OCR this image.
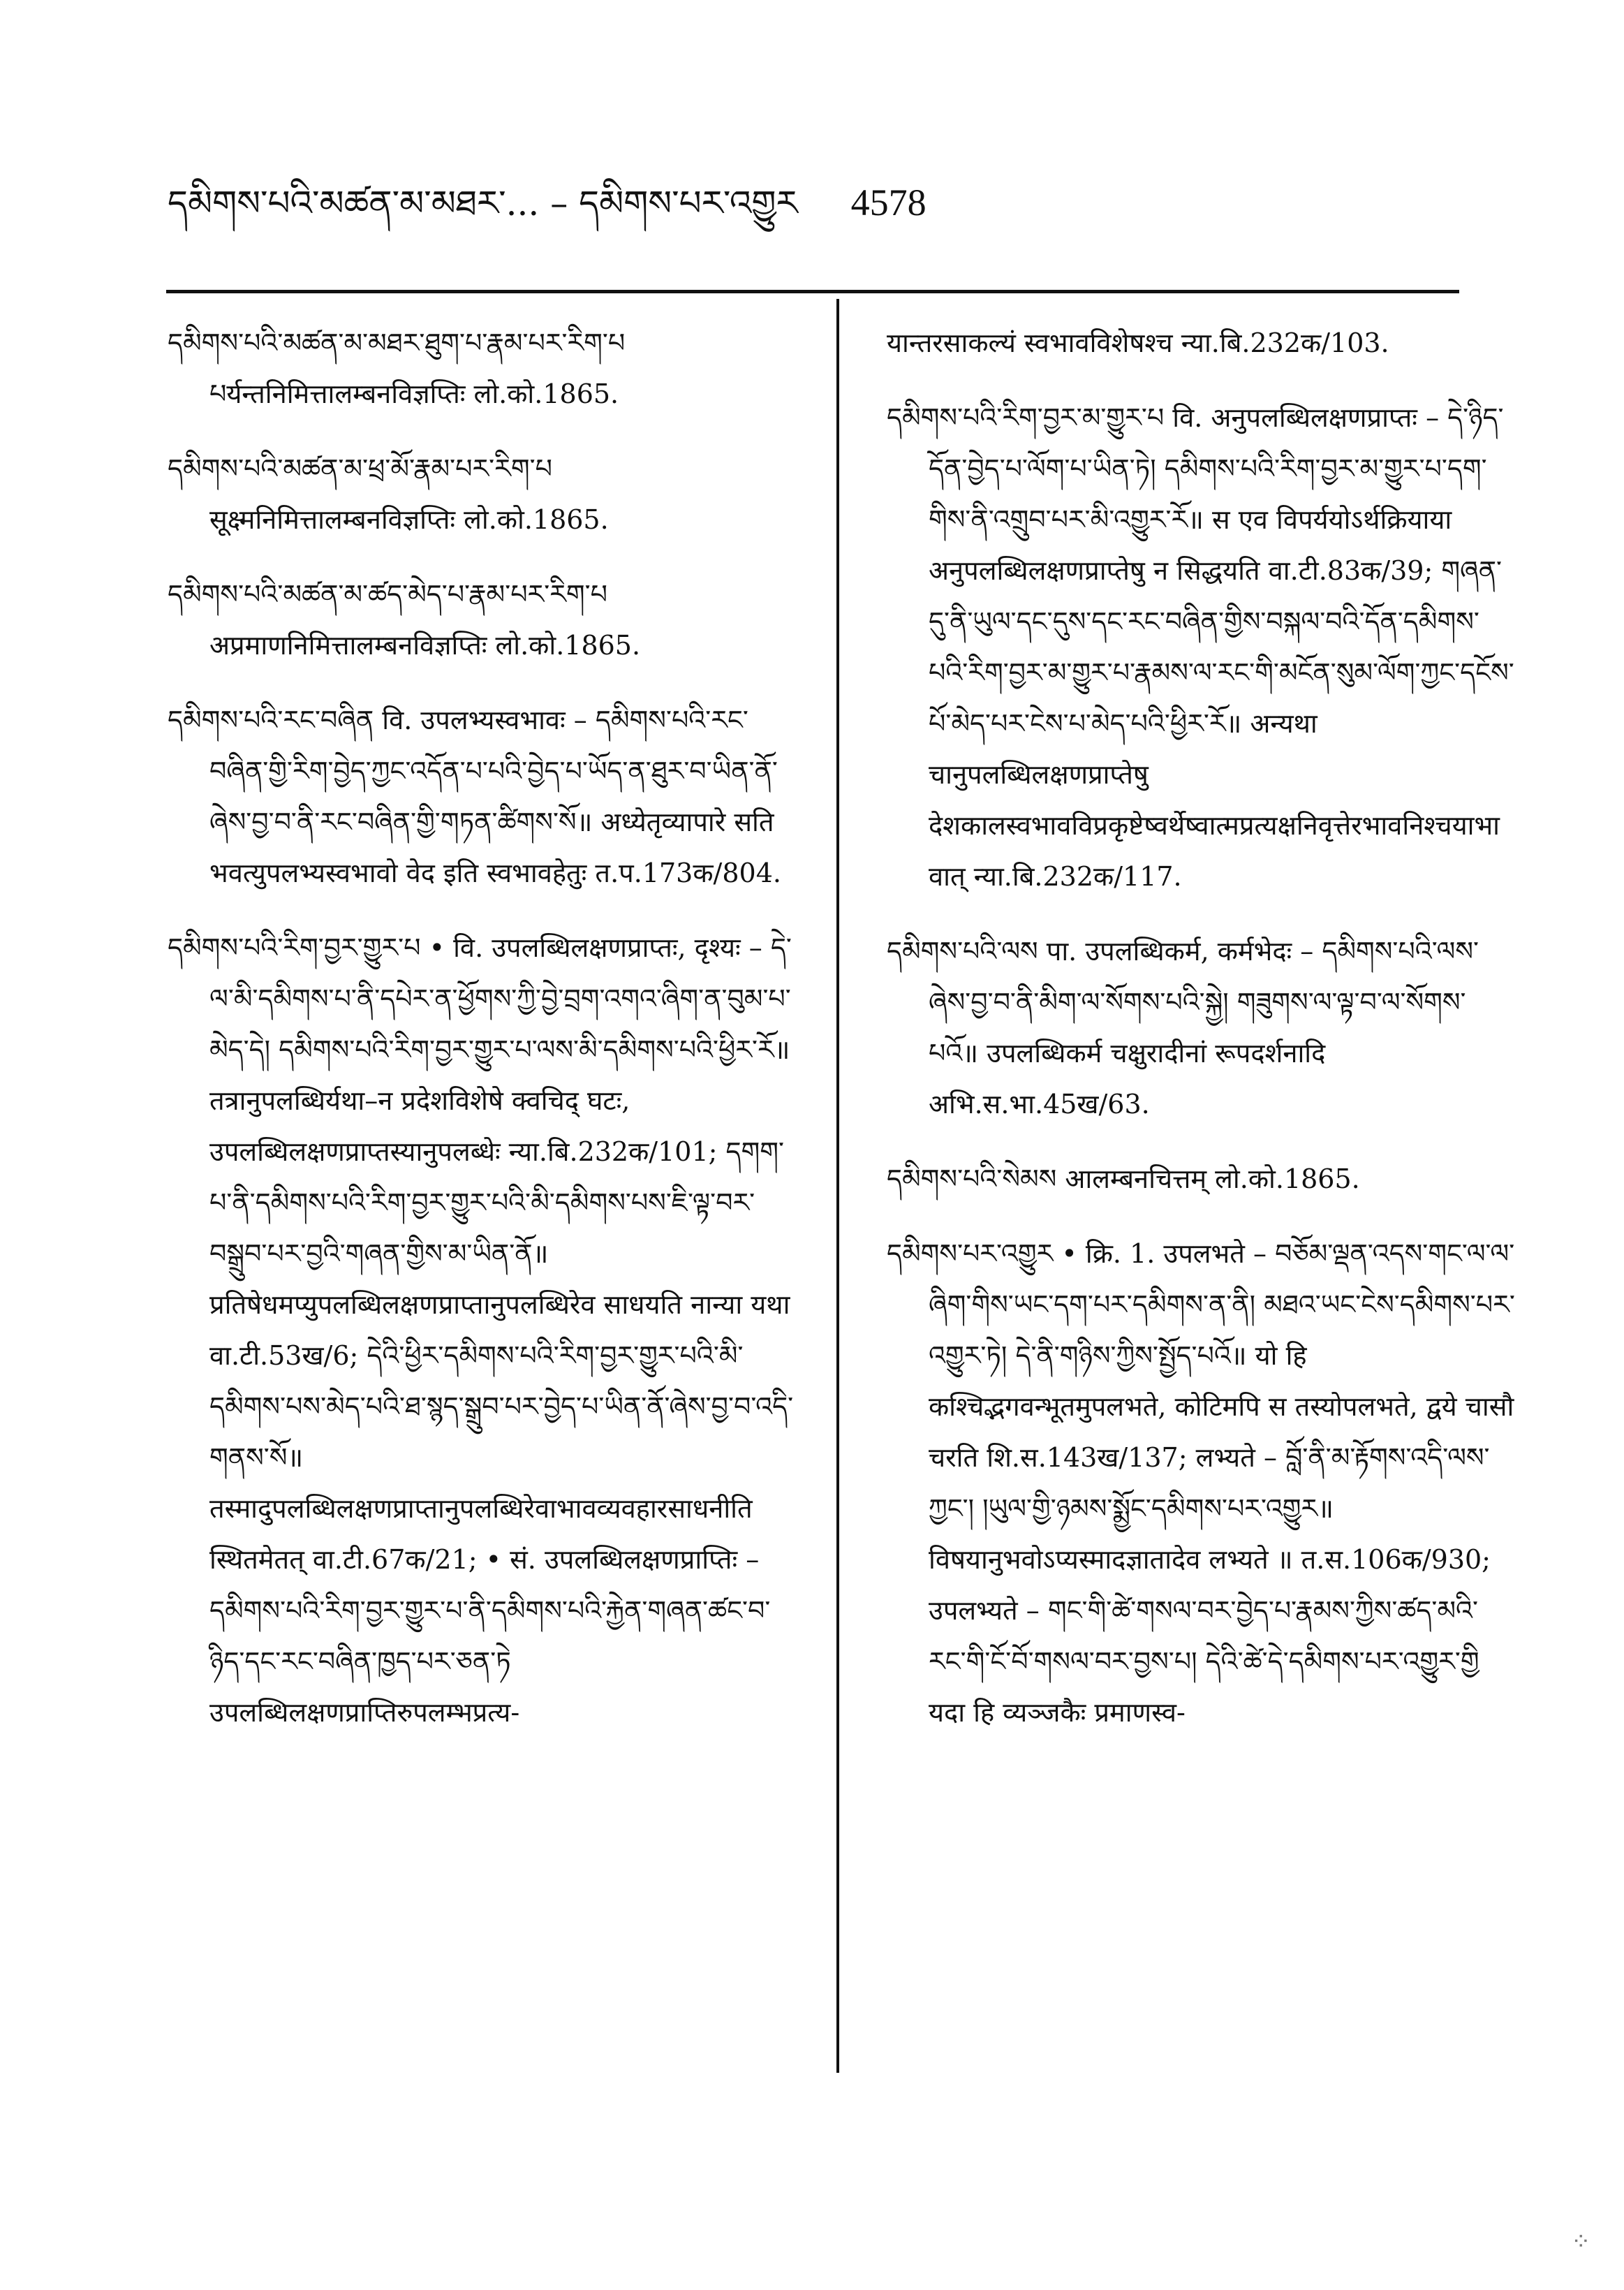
དམིགས་པའི་མཚན་མ་མཐར་... – དམིགས་པར་འགྱུར 4578

དམིགས་པའི་མཚན་མ་མཐར་ཐུག་པ་རྣམ་པར་རིག་པ པर्यन्तनिमित्तालम्बनविज्ञप्तिः लो.को.1865.

དམིགས་པའི་མཚན་མ་ཕྲ་མོ་རྣམ་པར་རིག་པ सूक्ष्मनिमित्तालम्बनविज्ञप्तिः लो.को.1865.

དམིགས་པའི་མཚན་མ་ཚད་མེད་པ་རྣམ་པར་རིག་པ अप्रमाणनिमित्तालम्बनविज्ञप्तिः लो.को.1865.

དམིགས་པའི་རང་བཞིན वि. उपलभ्यस्वभावः – དམིགས་པའི་རང་བཞིན་གྱི་རིག་བྱེད་ཀྱང་འདོན་པ་པའི་བྱེད་པ་ཡོད་ན་ཐུར་བ་ཡིན་ནོ་ཞེས་བྱ་བ་ནི་རང་བཞིན་གྱི་གཏན་ཚིགས་སོ॥ अध्येतृव्यापारे सति भवत्युपलभ्यस्वभावो वेद इति स्वभावहेतुः त.प.173क/804.

དམིགས་པའི་རིག་བྱར་གྱུར་པ • वि. उपलब्धिलक्षणप्राप्तः, दृश्यः – དེ་ལ་མི་དམིགས་པ་ནི་དཔེར་ན་ཕྱོགས་ཀྱི་བྱེ་བྲག་འགའ་ཞིག་ན་བུམ་པ་མེད་དེ། དམིགས་པའི་རིག་བྱར་གྱུར་པ་ལས་མི་དམིགས་པའི་ཕྱིར་རོ॥ तत्रानुपलब्धिर्यथा–न प्रदेशविशेषे क्वचिद् घटः, उपलब्धिलक्षणप्राप्तस्यानुपलब्धेः न्या.बि.232क/101; དགག་པ་ནི་དམིགས་པའི་རིག་བྱར་གྱུར་པའི་མི་དམིགས་པས་ཇི་ལྟ་བར་བསྒྲུབ་པར་བྱའི་གཞན་གྱིས་མ་ཡིན་ནོ॥ प्रतिषेधमप्युपलब्धिलक्षणप्राप्तानुपलब्धिरेव साधयति नान्या यथा वा.टी.53ख/6; དེའི་ཕྱིར་དམིགས་པའི་རིག་བྱར་གྱུར་པའི་མི་དམིགས་པས་མེད་པའི་ཐ་སྙད་སྒྲུབ་པར་བྱེད་པ་ཡིན་ནོ་ཞེས་བྱ་བ་འདི་གནས་སོ॥ तस्मादुपलब्धिलक्षणप्राप्तानुपलब्धिरेवाभावव्यवहारसाधनीति स्थितमेतत् वा.टी.67क/21; • सं. उपलब्धिलक्षणप्राप्तिः – དམིགས་པའི་རིག་བྱར་གྱུར་པ་ནི་དམིགས་པའི་རྐྱེན་གཞན་ཚང་བ་ཉིད་དང་རང་བཞིན་ཁྱད་པར་ཅན་ཏེ उपलब्धिलक्षणप्राप्तिरुपलम्भप्रत्य-

यान्तरसाकल्यं स्वभावविशेषश्च न्या.बि.232क/103.

དམིགས་པའི་རིག་བྱར་མ་གྱུར་པ वि. अनुपलब्धिलक्षणप्राप्तः – དེ་ཉིད་དོན་བྱེད་པ་ལོག་པ་ཡིན་ཏེ། དམིགས་པའི་རིག་བྱར་མ་གྱུར་པ་དག་གིས་ནི་འགྲུབ་པར་མི་འགྱུར་རོ॥ स एव विपर्ययोऽर्थक्रियाया अनुपलब्धिलक्षणप्राप्तेषु न सिद्धयति वा.टी.83क/39; གཞན་དུ་ནི་ཡུལ་དང་དུས་དང་རང་བཞིན་གྱིས་བསྐལ་བའི་དོན་དམིགས་པའི་རིག་བྱར་མ་གྱུར་པ་རྣམས་ལ་རང་གི་མངོན་སུམ་ལོག་ཀྱང་དངོས་པོ་མེད་པར་ངེས་པ་མེད་པའི་ཕྱིར་རོ॥ अन्यथा चानुपलब्धिलक्षणप्राप्तेषु देशकालस्वभावविप्रकृष्टेष्वर्थेष्वात्मप्रत्यक्षनिवृत्तेरभावनिश्चयाभावात् न्या.बि.232क/117.

དམིགས་པའི་ལས पा. उपलब्धिकर्म, कर्मभेदः – དམིགས་པའི་ལས་ཞེས་བྱ་བ་ནི་མིག་ལ་སོགས་པའི་སྐྱེ། གཟུགས་ལ་ལྟ་བ་ལ་སོགས་པའོ॥ उपलब्धिकर्म चक्षुरादीनां रूपदर्शनादि अभि.स.भा.45ख/63.

དམིགས་པའི་སེམས आलम्बनचित्तम् लो.को.1865.

དམིགས་པར་འགྱུར • क्रि. 1. उपलभते – བཅོམ་ལྡན་འདས་གང་ལ་ལ་ཞིག་གིས་ཡང་དག་པར་དམིགས་ན་ནི། མཐའ་ཡང་ངེས་དམིགས་པར་འགྱུར་ཏེ། དེ་ནི་གཉིས་ཀྱིས་སྤྱོད་པའོ॥ यो हि कश्चिद्भगवन्भूतमुपलभते, कोटिमपि स तस्योपलभते, द्वये चासौ चरति शि.स.143ख/137; लभ्यते – བློ་ནི་མ་རྟོགས་འདི་ལས་ཀྱང་། །ཡུལ་གྱི་ཉམས་སྨྱོང་དམིགས་པར་འགྱུར॥ विषयानुभवोऽप्यस्मादज्ञातादेव लभ्यते ॥ त.स.106क/930; उपलभ्यते – གང་གི་ཚེ་གསལ་བར་བྱེད་པ་རྣམས་ཀྱིས་ཚད་མའི་རང་གི་ངོ་བོ་གསལ་བར་བྱས་པ། དེའི་ཚེ་དེ་དམིགས་པར་འགྱུར་གྱི यदा हि व्यञ्जकैः प्रमाणस्व-

⁘
